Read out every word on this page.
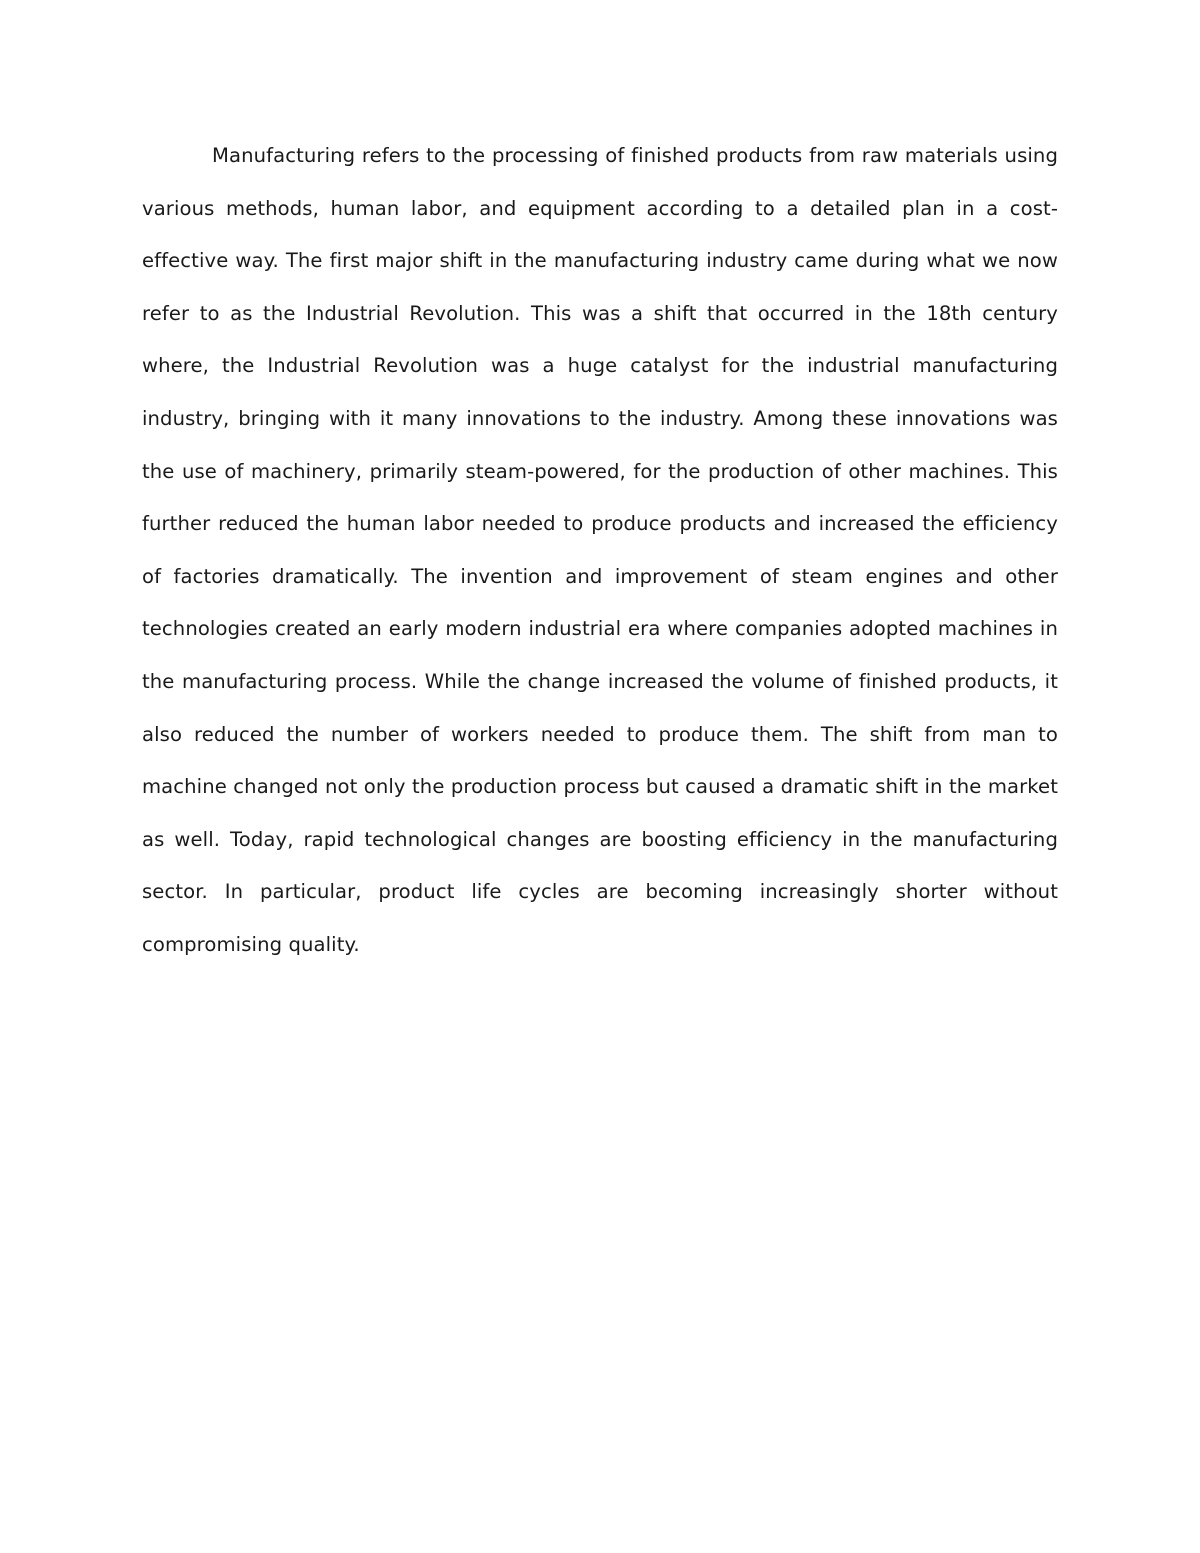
Manufacturing refers to the processing of finished products from raw materials using various methods, human labor, and equipment according to a detailed plan in a cost-effective way. The first major shift in the manufacturing industry came during what we now refer to as the Industrial Revolution. This was a shift that occurred in the 18th century where, the Industrial Revolution was a huge catalyst for the industrial manufacturing industry, bringing with it many innovations to the industry. Among these innovations was the use of machinery, primarily steam-powered, for the production of other machines. This further reduced the human labor needed to produce products and increased the efficiency of factories dramatically. The invention and improvement of steam engines and other technologies created an early modern industrial era where companies adopted machines in the manufacturing process. While the change increased the volume of finished products, it also reduced the number of workers needed to produce them. The shift from man to machine changed not only the production process but caused a dramatic shift in the market as well. Today, rapid technological changes are boosting efficiency in the manufacturing sector. In particular, product life cycles are becoming increasingly shorter without compromising quality.
